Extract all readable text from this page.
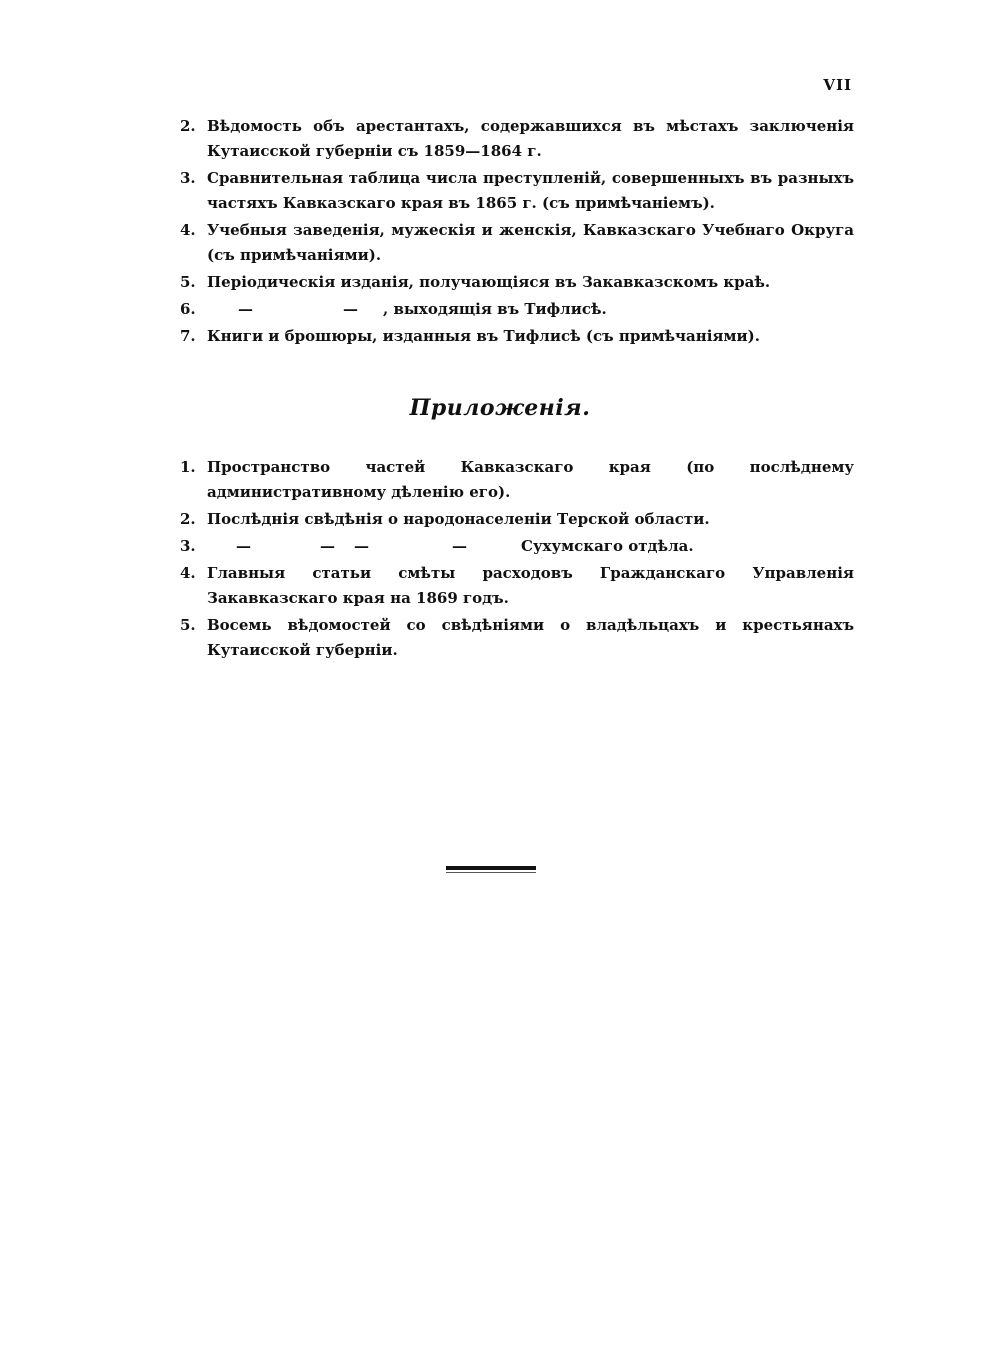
VII
2. Вѣдомость объ арестантахъ, содержавшихся въ мѣстахъ заключенія Кутаисской губерніи съ 1859—1864 г.
3. Сравнительная таблица числа преступленій, совершенныхъ въ разныхъ частяхъ Кавказскаго края въ 1865 г. (съ примѣчаніемъ).
4. Учебныя заведенія, мужескія и женскія, Кавказскаго Учебнаго Округа (съ примѣчаніями).
5. Періодическія изданія, получающіяся въ Закавказскомъ краѣ.
6.	—	— , выходящія въ Тифлисѣ.
7. Книги и брошюры, изданныя въ Тифлисѣ (съ примѣчаніями).
Приложенія.
1. Пространство частей Кавказскаго края (по послѣднему административному дѣленію его).
2. Послѣднія свѣдѣнія о народонаселеніи Терской области.
3.	—	— —	—	Сухумскаго отдѣла.
4. Главныя статьи смѣты расходовъ Гражданскаго Управленія Закавказскаго края на 1869 годъ.
5. Восемь вѣдомостей со свѣдѣніями о владѣльцахъ и крестьянахъ Кутаисской губерніи.
